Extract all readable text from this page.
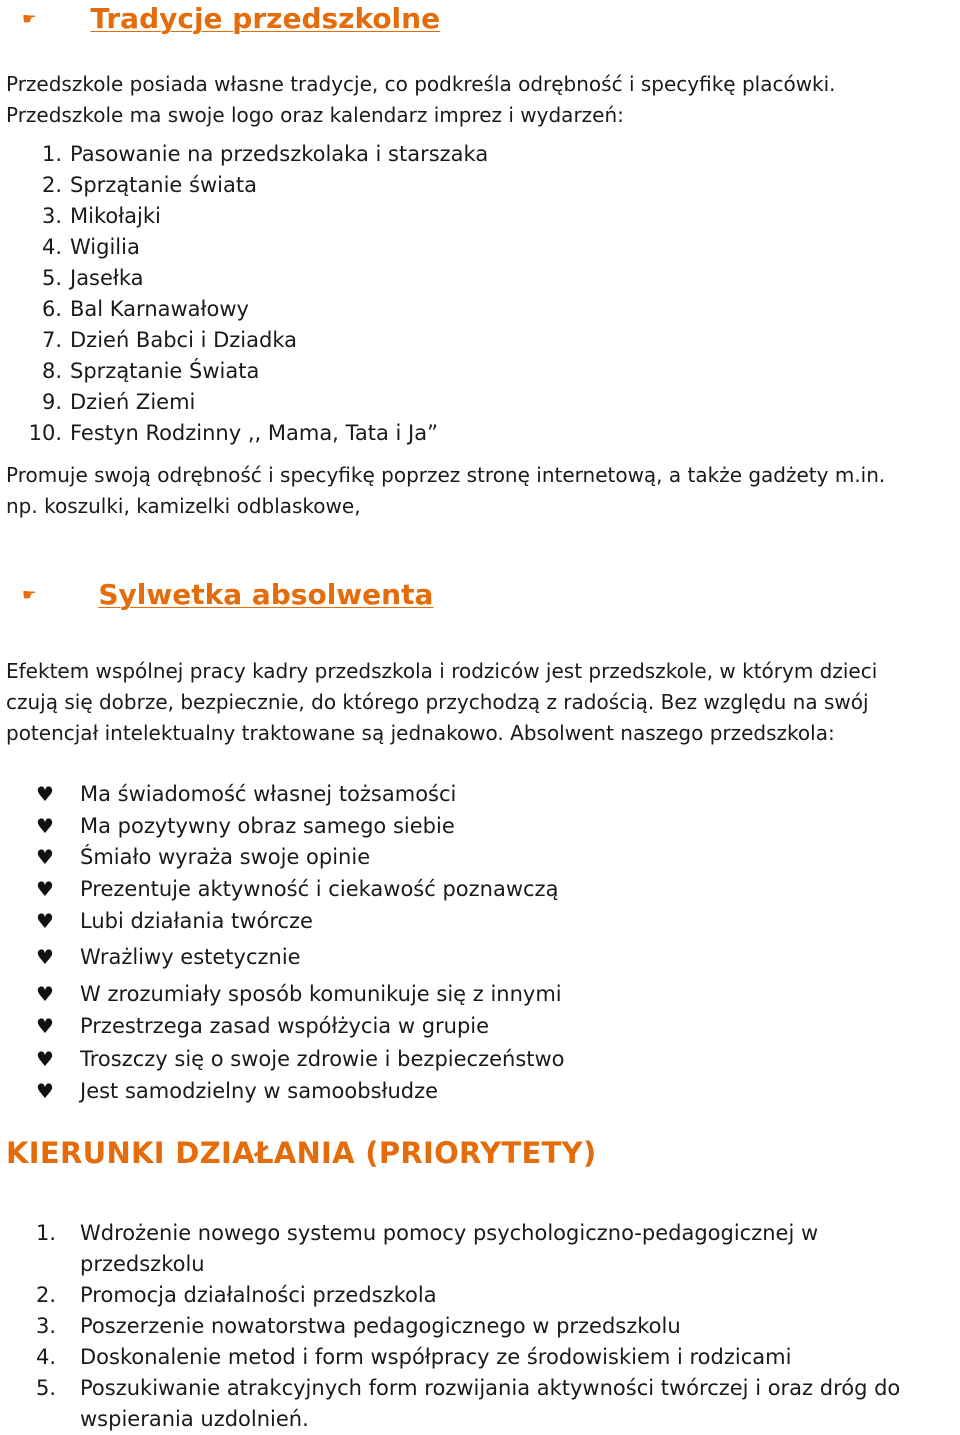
☛ Tradycje przedszkolne

Przedszkole posiada własne tradycje, co podkreśla odrębność i specyfikę placówki.

Przedszkole ma swoje logo oraz kalendarz imprez i wydarzeń:

1. Pasowanie na przedszkolaka i starszaka
2. Sprzątanie świata
3. Mikołajki
4. Wigilia
5. Jasełka
6. Bal Karnawałowy
7. Dzień Babci i Dziadka
8. Sprzątanie Świata
9. Dzień Ziemi
10. Festyn Rodzinny ,, Mama, Tata i Ja”

Promuje swoją odrębność i specyfikę poprzez stronę internetową, a także gadżety m.in.

np. koszulki, kamizelki odblaskowe,

☛ Sylwetka absolwenta

Efektem wspólnej pracy kadry przedszkola i rodziców jest przedszkole, w którym dzieci

czują się dobrze, bezpiecznie, do którego przychodzą z radością. Bez względu na swój

potencjał intelektualny traktowane są jednakowo. Absolwent naszego przedszkola:

♥	Ma świadomość własnej tożsamości
♥	Ma pozytywny obraz samego siebie
♥	Śmiało wyraża swoje opinie
♥	Prezentuje aktywność i ciekawość poznawczą
♥	Lubi działania twórcze
♥	Wrażliwy estetycznie
♥	W zrozumiały sposób komunikuje się z innymi
♥	Przestrzega zasad współżycia w grupie
♥	Troszczy się o swoje zdrowie i bezpieczeństwo
♥	Jest samodzielny w samoobsłudze
KIERUNKI DZIAŁANIA (PRIORYTETY)
1.	Wdrożenie nowego systemu pomocy psychologiczno-pedagogicznej w
przedszkolu
2.	Promocja działalności przedszkola
3.	Poszerzenie nowatorstwa pedagogicznego w przedszkolu
4.	Doskonalenie metod i form współpracy ze środowiskiem i rodzicami
5.	Poszukiwanie atrakcyjnych form rozwijania aktywności twórczej i oraz dróg do
wspierania uzdolnień.
